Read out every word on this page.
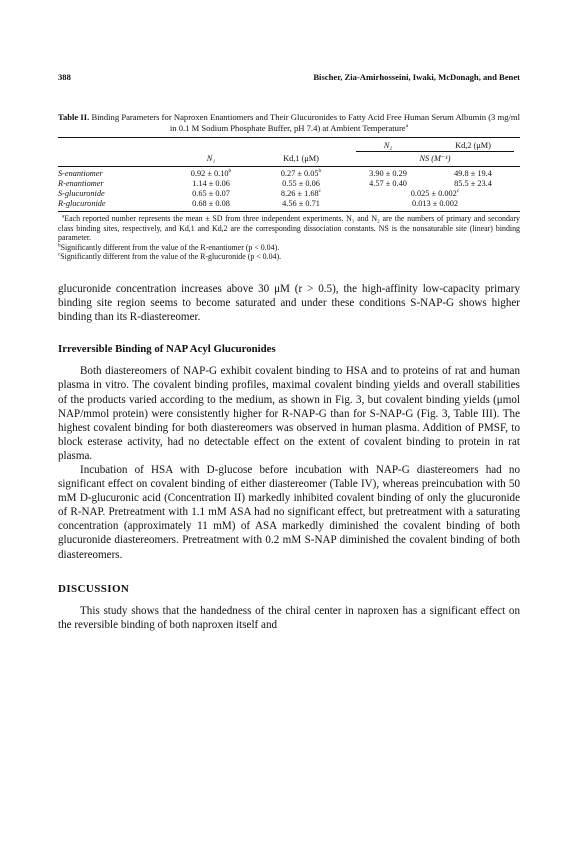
388	Bischer, Zia-Amirhosseini, Iwaki, McDonagh, and Benet
Table II. Binding Parameters for Naproxen Enantiomers and Their Glucuronides to Fatty Acid Free Human Serum Albumin (3 mg/ml in 0.1 M Sodium Phosphate Buffer, pH 7.4) at Ambient Temperature$^a$

			N₂	Kd,2 (μM)

	N₁	Kd,1 (μM)	NS (M⁻¹)	
S-enantiomer	0.92 ± 0.10$^b$	0.27 ± 0.05$^b$	3.90 ± 0.29	49.8 ± 19.4
R-enantiomer	1.14 ± 0.06	0.55 ± 0.06	4.57 ± 0.40	85.5 ± 23.4
S-glucuronide	0.65 ± 0.07	8.26 ± 1.68$^c$	0.025 ± 0.002$^c$
R-glucuronide	0.68 ± 0.08	4.56 ± 0.71	0.013 ± 0.002	

$^a$Each reported number represents the mean ± SD from three independent experiments. N₁ and N₂ are the numbers of primary and secondary class binding sites, respectively, and Kd,1 and Kd,2 are the corresponding dissociation constants. NS is the nonsaturable site (linear) binding parameter.

$^b$Significantly different from the value of the R-enantiomer (p < 0.04).

$^c$Significantly different from the value of the R-glucuronide (p < 0.04).

glucuronide concentration increases above 30 μM (r > 0.5), the high-affinity low-capacity primary binding site region seems to become saturated and under these conditions S-NAP-G shows higher binding than its R-diastereomer.

Irreversible Binding of NAP Acyl Glucuronides

Both diastereomers of NAP-G exhibit covalent binding to HSA and to proteins of rat and human plasma in vitro. The covalent binding profiles, maximal covalent binding yields and overall stabilities of the products varied according to the medium, as shown in Fig. 3, but covalent binding yields (μmol NAP/mmol protein) were consistently higher for R-NAP-G than for S-NAP-G (Fig. 3, Table III). The highest covalent binding for both diastereomers was observed in human plasma. Addition of PMSF, to block esterase activity, had no detectable effect on the extent of covalent binding to protein in rat plasma.

Incubation of HSA with D-glucose before incubation with NAP-G diastereomers had no significant effect on covalent binding of either diastereomer (Table IV), whereas preincubation with 50 mM D-glucuronic acid (Concentration II) markedly inhibited covalent binding of only the glucuronide of R-NAP. Pretreatment with 1.1 mM ASA had no significant effect, but pretreatment with a saturating concentration (approximately 11 mM) of ASA markedly diminished the covalent binding of both glucuronide diastereomers. Pretreatment with 0.2 mM S-NAP diminished the covalent binding of both diastereomers.

DISCUSSION

This study shows that the handedness of the chiral center in naproxen has a significant effect on the reversible binding of both naproxen itself and
